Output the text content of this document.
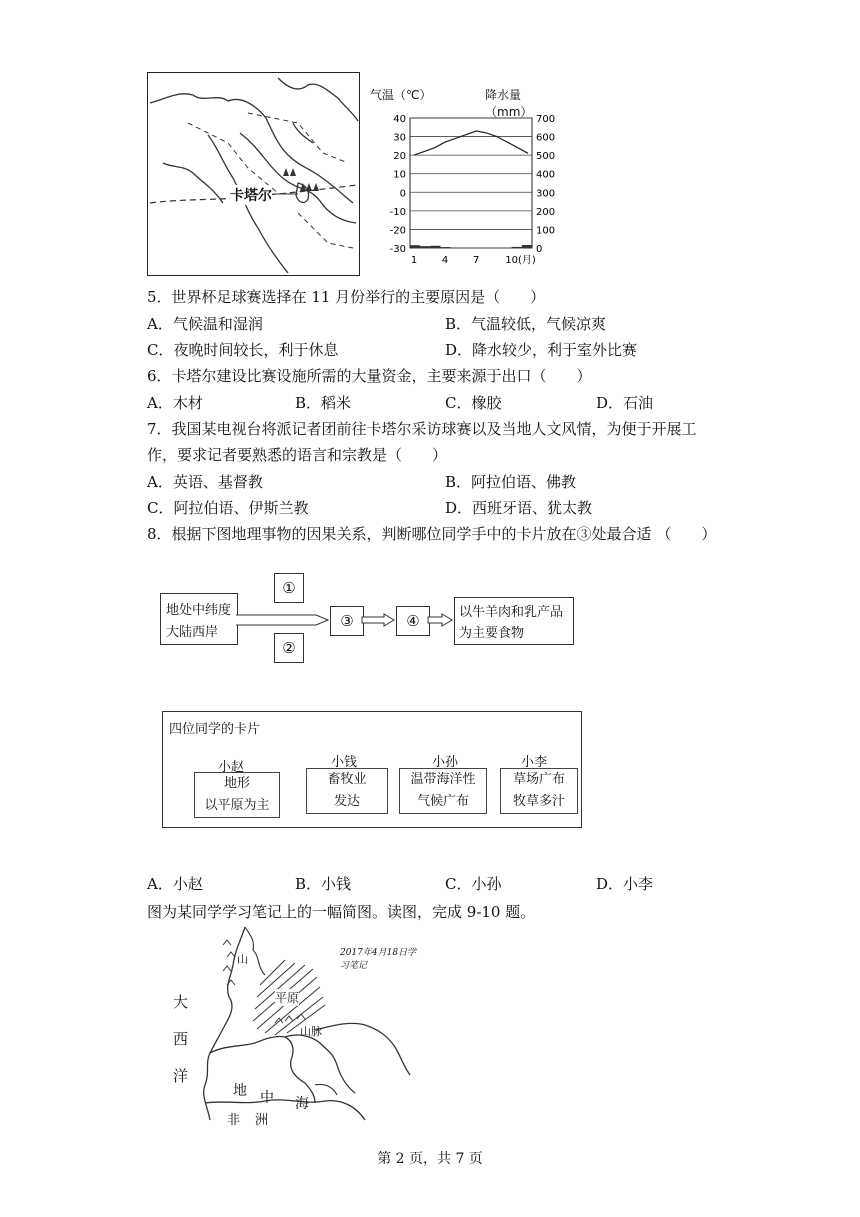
卡塔尔
气温（℃）	降水量（mm）
40
30
20
10
0
-10
-20
-30
700
600
500
400
300
200
100
0
1 4 7	10(月)
5．世界杯足球赛选择在 11 月份举行的主要原因是（　　）
A．气候温和湿润	B．气温较低，气候凉爽
C．夜晚时间较长，利于休息	D．降水较少，利于室外比赛
6．卡塔尔建设比赛设施所需的大量资金，主要来源于出口（　　）
A．木材	B．稻米	C．橡胶	D．石油
7．我国某电视台将派记者团前往卡塔尔采访球赛以及当地人文风情，为便于开展工
作，要求记者要熟悉的语言和宗教是（　　）
A．英语、基督教	B．阿拉伯语、佛教
C．阿拉伯语、伊斯兰教	D．西班牙语、犹太教
8．根据下图地理事物的因果关系，判断哪位同学手中的卡片放在③处最合适 （　　）
地处中纬度
大陆西岸
①
②
③	④	以牛羊肉和乳产品
为主要食物
四位同学的卡片
小赵	小钱	小孙	小李
地形
以平原为主
畜牧业
发达
温带海洋性
气候广布
草场广布
牧草多汁
A．小赵	B．小钱	C．小孙	D．小李
图为某同学学习笔记上的一幅简图。读图，完成 9-10 题。
2017年4月18日学习笔记
山
平原
山脉
大
西
洋
地 中 海
非 洲
第 2 页，共 7 页
